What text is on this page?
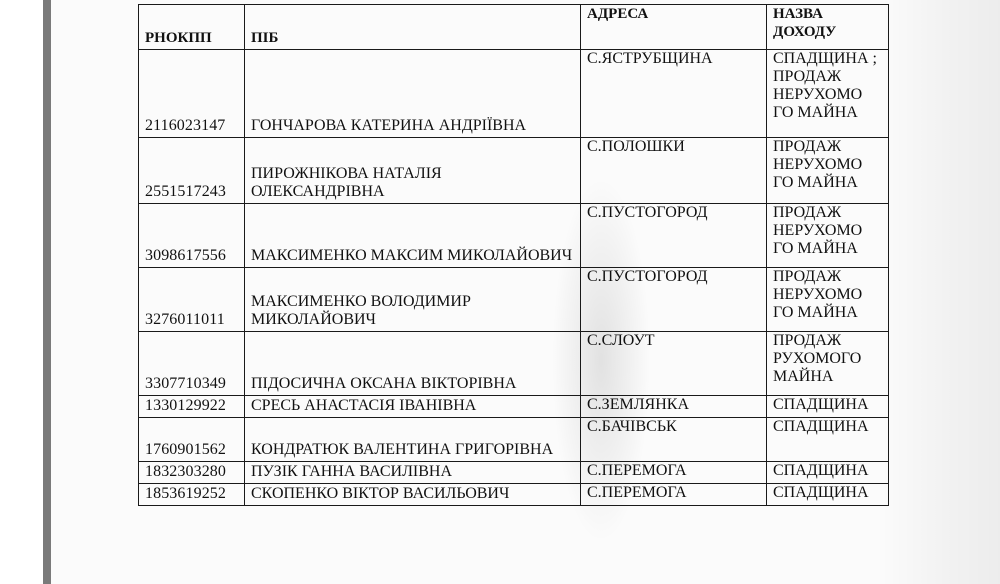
РНОКПП	ПІБ	АДРЕСА	НАЗВА ДОХОДУ
2116023147	ГОНЧАРОВА КАТЕРИНА АНДРІЇВНА	С.ЯСТРУБЩИНА	СПАДЩИНА ; ПРОДАЖ НЕРУХОМО ГО МАЙНА
2551517243	ПИРОЖНІКОВА НАТАЛІЯ ОЛЕКСАНДРІВНА	С.ПОЛОШКИ	ПРОДАЖ НЕРУХОМО ГО МАЙНА
3098617556	МАКСИМЕНКО МАКСИМ МИКОЛАЙОВИЧ	С.ПУСТОГОРОД	ПРОДАЖ НЕРУХОМО ГО МАЙНА
3276011011	МАКСИМЕНКО ВОЛОДИМИР МИКОЛАЙОВИЧ	С.ПУСТОГОРОД	ПРОДАЖ НЕРУХОМО ГО МАЙНА
3307710349	ПІДОСИЧНА ОКСАНА ВІКТОРІВНА	С.СЛОУТ	ПРОДАЖ РУХОМОГО МАЙНА
1330129922	СРЕСЬ АНАСТАСІЯ ІВАНІВНА	С.ЗЕМЛЯНКА	СПАДЩИНА
1760901562	КОНДРАТЮК ВАЛЕНТИНА ГРИГОРІВНА	С.БАЧІВСЬК	СПАДЩИНА
1832303280	ПУЗІК ГАННА ВАСИЛІВНА	С.ПЕРЕМОГА	СПАДЩИНА
1853619252	СКОПЕНКО ВІКТОР ВАСИЛЬОВИЧ	С.ПЕРЕМОГА	СПАДЩИНА
